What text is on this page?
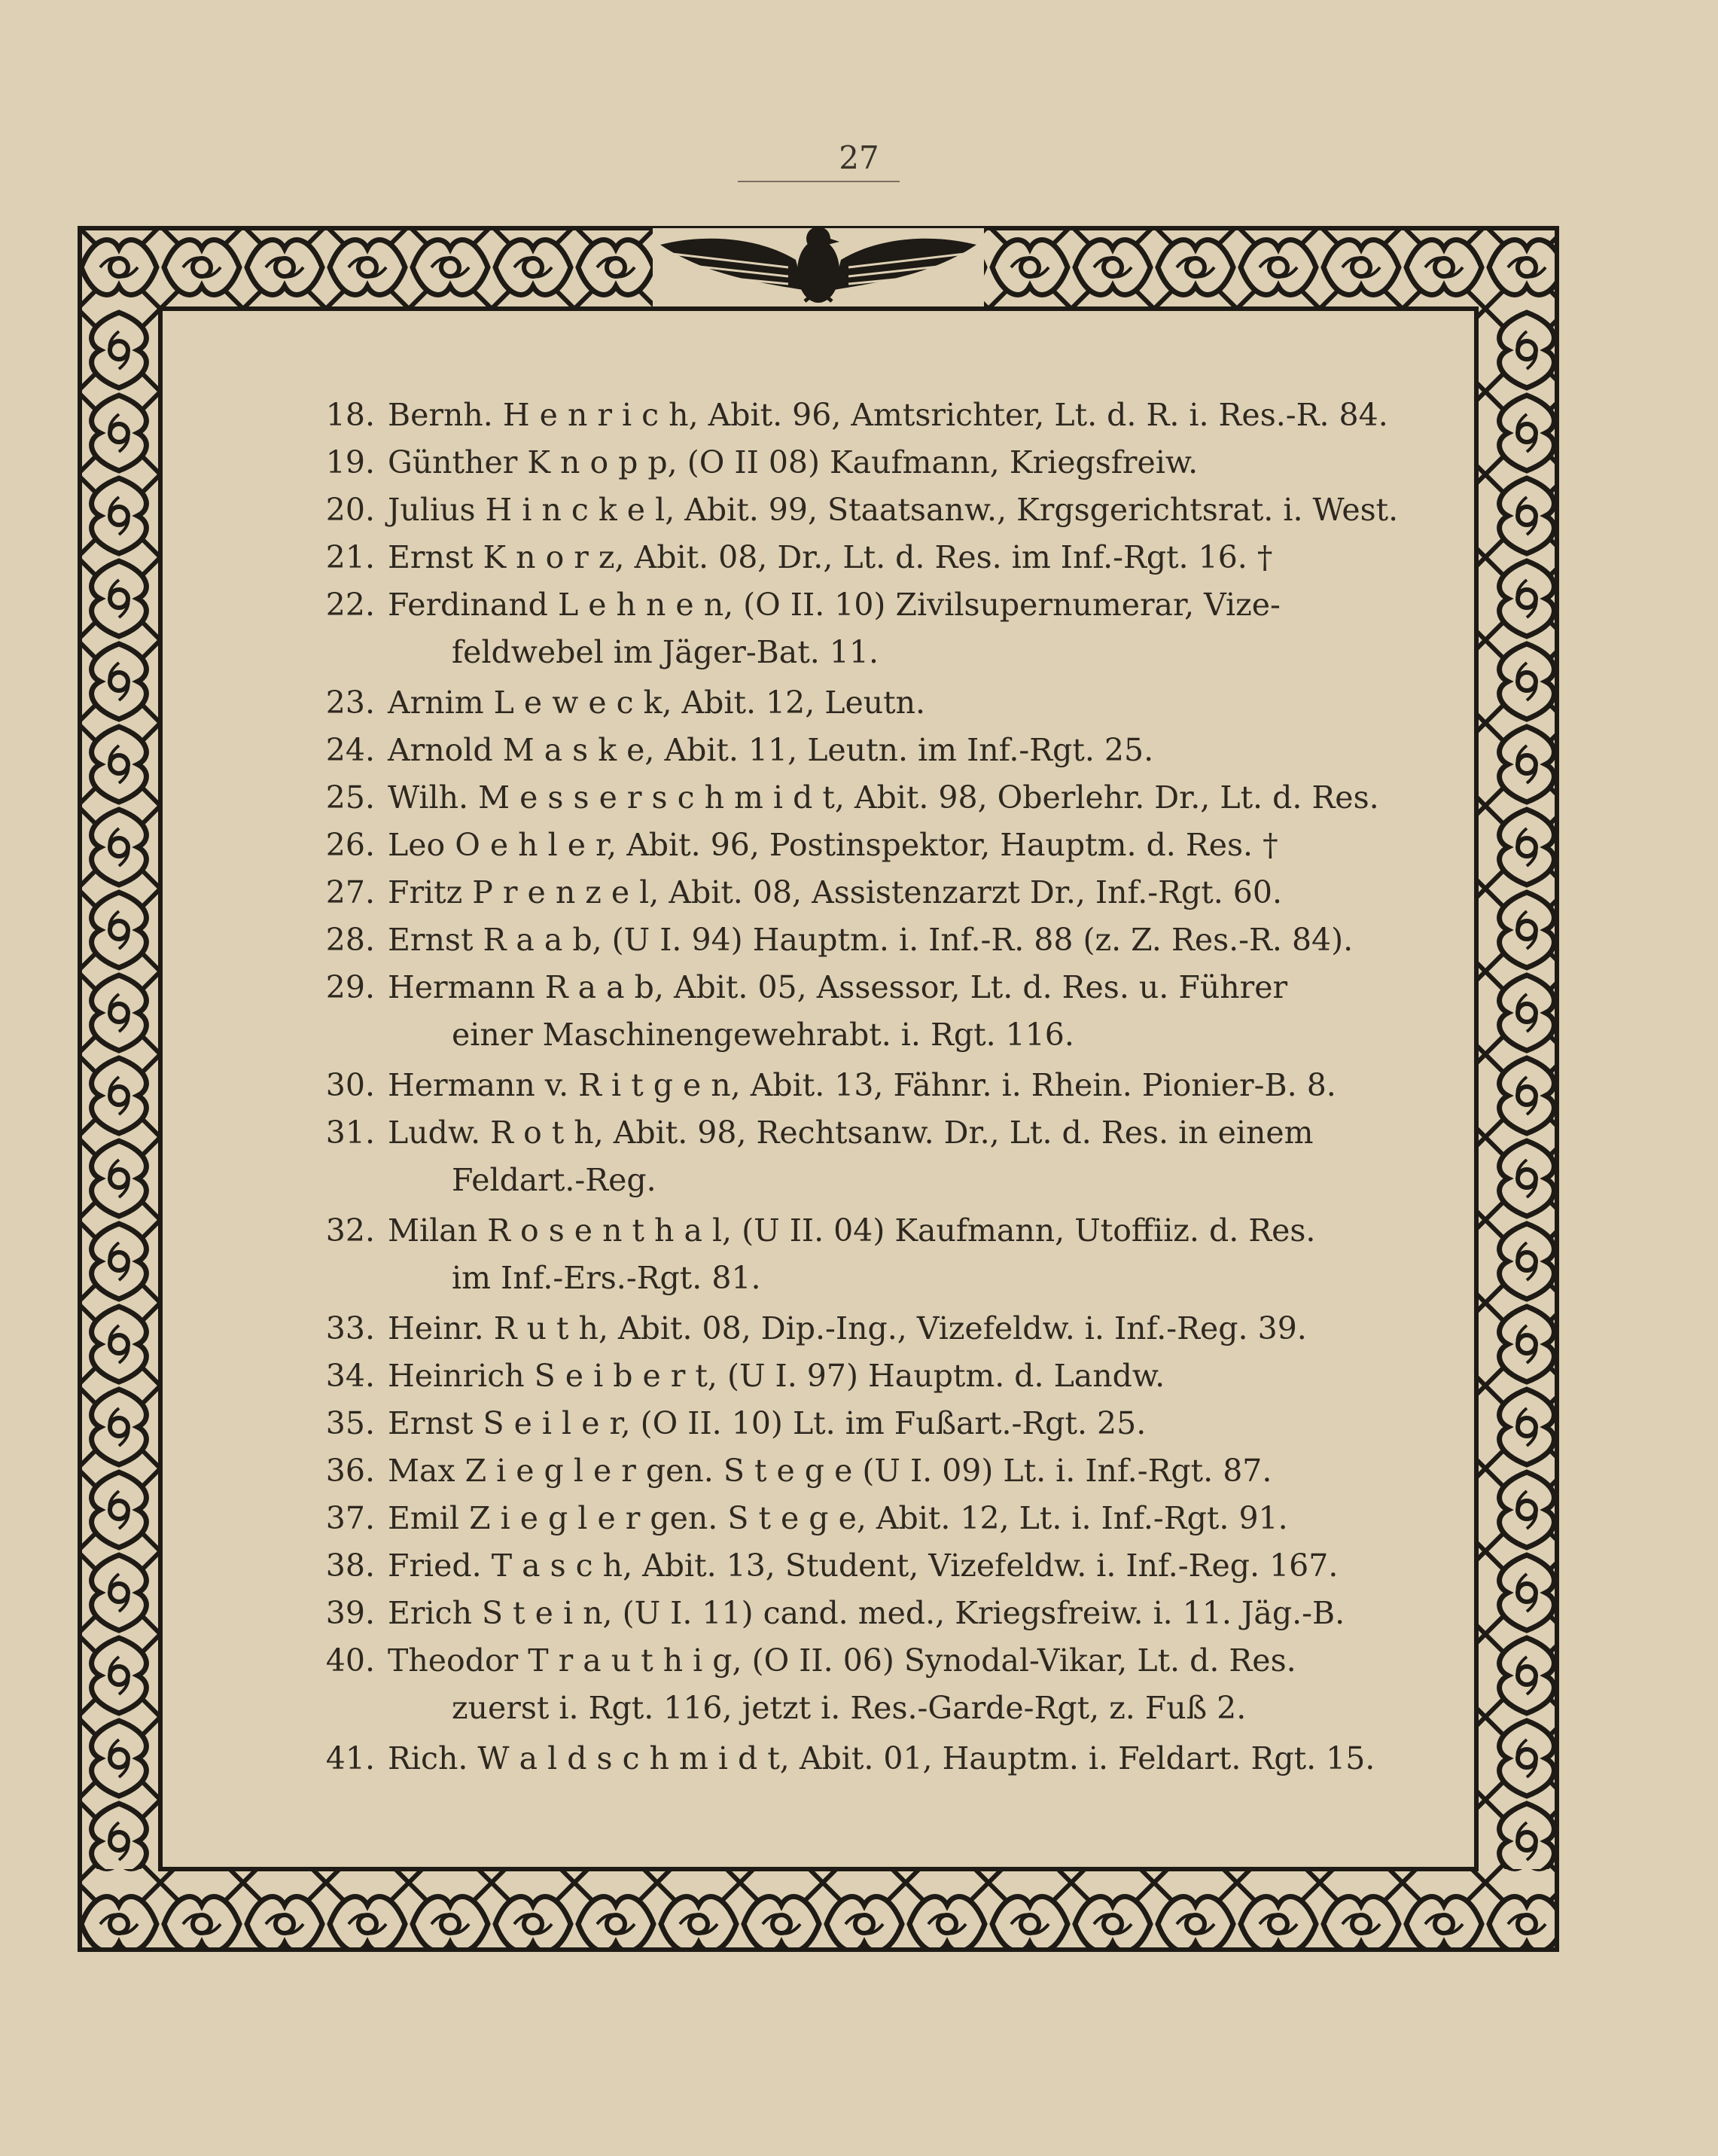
27
18. Bernh. H e n r i c h, Abit. 96, Amtsrichter, Lt. d. R. i. Res.-R. 84.
19. Günther K n o p p, (O II 08) Kaufmann, Kriegsfreiw.
20. Julius H i n c k e l, Abit. 99, Staatsanw., Krgsgerichtsrat. i. West.
21. Ernst K n o r z, Abit. 08, Dr., Lt. d. Res. im Inf.-Rgt. 16. †
22. Ferdinand L e h n e n, (O II. 10) Zivilsupernumerar, Vize-
feldwebel im Jäger-Bat. 11.
23. Arnim L e w e c k, Abit. 12, Leutn.
24. Arnold M a s k e, Abit. 11, Leutn. im Inf.-Rgt. 25.
25. Wilh. M e s s e r s c h m i d t, Abit. 98, Oberlehr. Dr., Lt. d. Res.
26. Leo O e h l e r, Abit. 96, Postinspektor, Hauptm. d. Res. †
27. Fritz P r e n z e l, Abit. 08, Assistenzarzt Dr., Inf.-Rgt. 60.
28. Ernst R a a b, (U I. 94) Hauptm. i. Inf.-R. 88 (z. Z. Res.-R. 84).
29. Hermann R a a b, Abit. 05, Assessor, Lt. d. Res. u. Führer
einer Maschinengewehrabt. i. Rgt. 116.
30. Hermann v. R i t g e n, Abit. 13, Fähnr. i. Rhein. Pionier-B. 8.
31. Ludw. R o t h, Abit. 98, Rechtsanw. Dr., Lt. d. Res. in einem
Feldart.-Reg.
32. Milan R o s e n t h a l, (U II. 04) Kaufmann, Utoffiiz. d. Res.
im Inf.-Ers.-Rgt. 81.
33. Heinr. R u t h, Abit. 08, Dip.-Ing., Vizefeldw. i. Inf.-Reg. 39.
34. Heinrich S e i b e r t, (U I. 97) Hauptm. d. Landw.
35. Ernst S e i l e r, (O II. 10) Lt. im Fußart.-Rgt. 25.
36. Max Z i e g l e r gen. S t e g e (U I. 09) Lt. i. Inf.-Rgt. 87.
37. Emil Z i e g l e r gen. S t e g e, Abit. 12, Lt. i. Inf.-Rgt. 91.
38. Fried. T a s c h, Abit. 13, Student, Vizefeldw. i. Inf.-Reg. 167.
39. Erich S t e i n, (U I. 11) cand. med., Kriegsfreiw. i. 11. Jäg.-B.
40. Theodor T r a u t h i g, (O II. 06) Synodal-Vikar, Lt. d. Res.
zuerst i. Rgt. 116, jetzt i. Res.-Garde-Rgt, z. Fuß 2.
41. Rich. W a l d s c h m i d t, Abit. 01, Hauptm. i. Feldart. Rgt. 15.
